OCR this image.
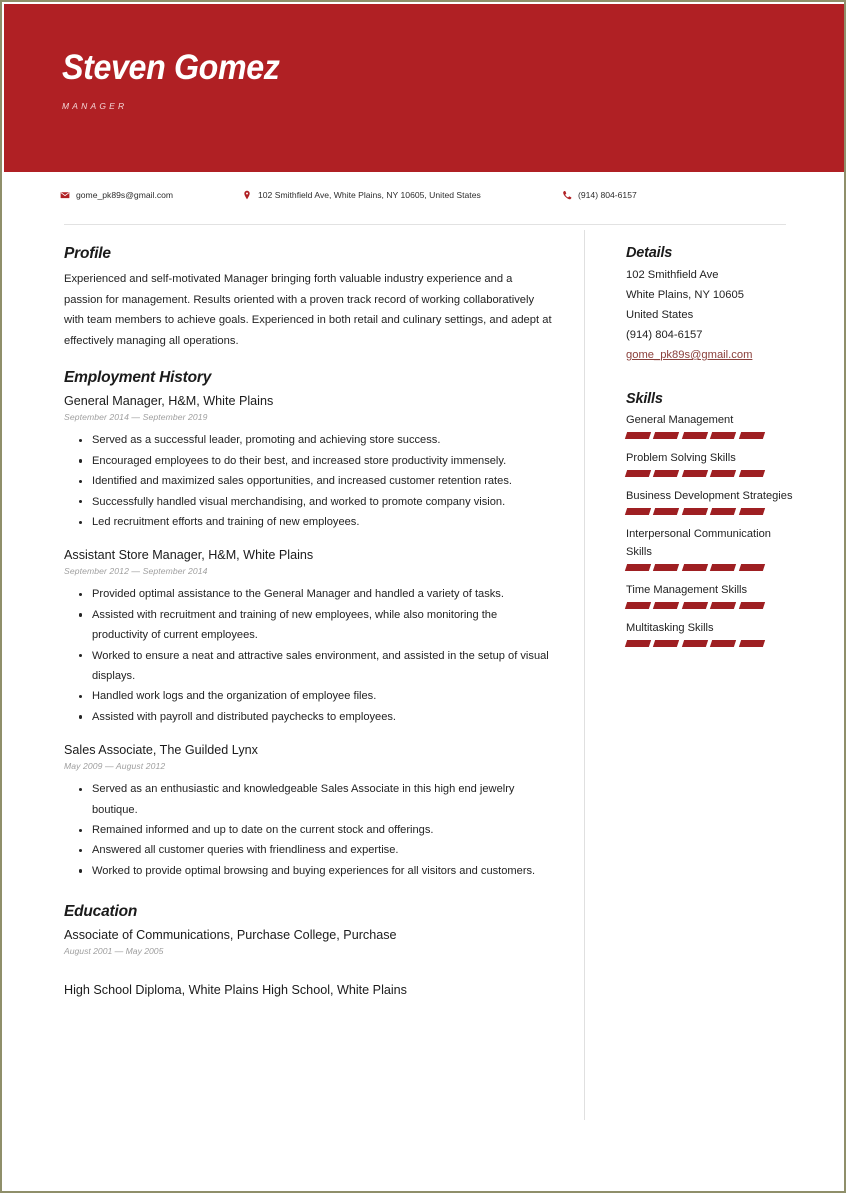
Steven Gomez
MANAGER
gome_pk89s@gmail.com	102 Smithfield Ave, White Plains, NY 10605, United States	(914) 804-6157
Profile

Experienced and self-motivated Manager bringing forth valuable industry experience and a passion for management. Results oriented with a proven track record of working collaboratively with team members to achieve goals. Experienced in both retail and culinary settings, and adept at effectively managing all operations.

Employment History

General Manager, H&M, White Plains

September 2014 — September 2019

Served as a successful leader, promoting and achieving store success.
Encouraged employees to do their best, and increased store productivity immensely.
Identified and maximized sales opportunities, and increased customer retention rates.
Successfully handled visual merchandising, and worked to promote company vision.
Led recruitment efforts and training of new employees.

Assistant Store Manager, H&M, White Plains

September 2012 — September 2014

Provided optimal assistance to the General Manager and handled a variety of tasks.
Assisted with recruitment and training of new employees, while also monitoring the productivity of current employees.
Worked to ensure a neat and attractive sales environment, and assisted in the setup of visual displays.
Handled work logs and the organization of employee files.
Assisted with payroll and distributed paychecks to employees.

Sales Associate, The Guilded Lynx

May 2009 — August 2012

Served as an enthusiastic and knowledgeable Sales Associate in this high end jewelry boutique.
Remained informed and up to date on the current stock and offerings.
Answered all customer queries with friendliness and expertise.
Worked to provide optimal browsing and buying experiences for all visitors and customers.
Education

Associate of Communications, Purchase College, Purchase

August 2001 — May 2005

High School Diploma, White Plains High School, White Plains

Details
102 Smithfield Ave
White Plains, NY 10605
United States
(914) 804-6157
gome_pk89s@gmail.com
Skills

General Management

Problem Solving Skills

Business Development Strategies

Interpersonal Communication Skills

Time Management Skills

Multitasking Skills
